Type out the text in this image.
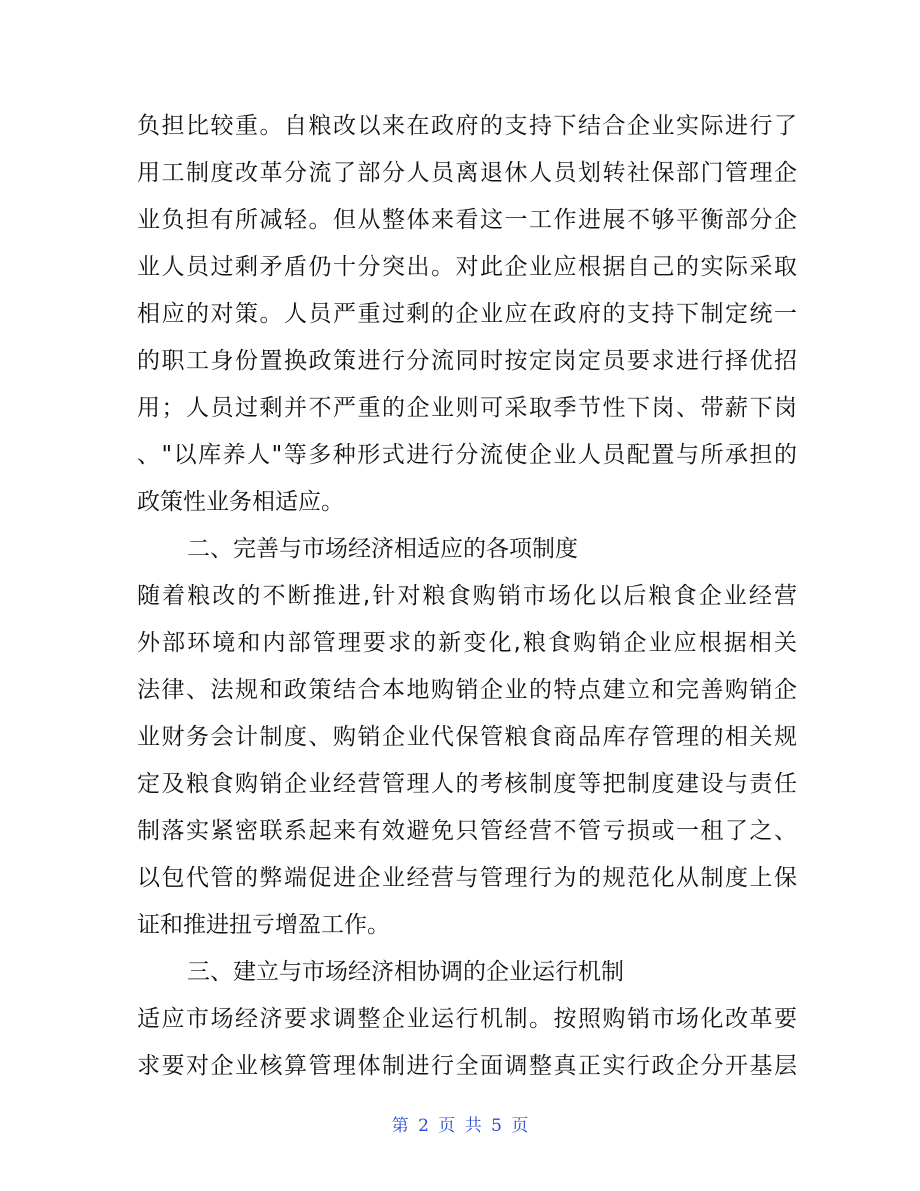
负担比较重。自粮改以来在政府的支持下结合企业实际进行了
用工制度改革分流了部分人员离退休人员划转社保部门管理企
业负担有所减轻。但从整体来看这一工作进展不够平衡部分企
业人员过剩矛盾仍十分突出。对此企业应根据自己的实际采取
相应的对策。人员严重过剩的企业应在政府的支持下制定统一
的职工身份置换政策进行分流同时按定岗定员要求进行择优招
用；人员过剩并不严重的企业则可采取季节性下岗、带薪下岗
、"以库养人"等多种形式进行分流使企业人员配置与所承担的
政策性业务相适应。
二、完善与市场经济相适应的各项制度
随着粮改的不断推进,针对粮食购销市场化以后粮食企业经营
外部环境和内部管理要求的新变化,粮食购销企业应根据相关
法律、法规和政策结合本地购销企业的特点建立和完善购销企
业财务会计制度、购销企业代保管粮食商品库存管理的相关规
定及粮食购销企业经营管理人的考核制度等把制度建设与责任
制落实紧密联系起来有效避免只管经营不管亏损或一租了之、
以包代管的弊端促进企业经营与管理行为的规范化从制度上保
证和推进扭亏增盈工作。
三、建立与市场经济相协调的企业运行机制
适应市场经济要求调整企业运行机制。按照购销市场化改革要
求要对企业核算管理体制进行全面调整真正实行政企分开基层
第 2 页 共 5 页
